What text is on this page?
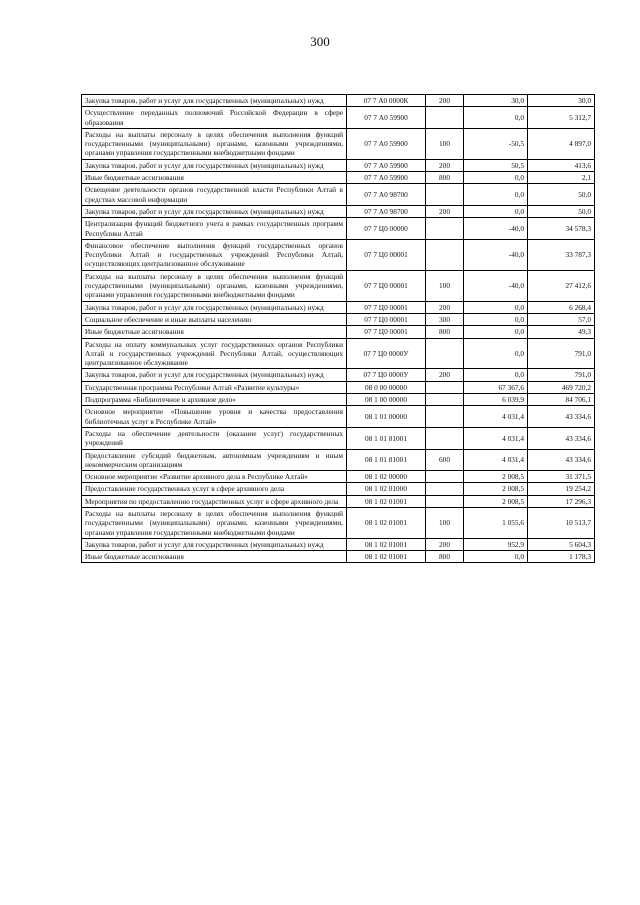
300
Закупка товаров, работ и услуг для государственных (муниципальных) нужд	07 7 А0 0000К	200	30,0	30,0
Осуществление переданных полномочий Российской Федерации в сфере образования	07 7 А0 59900		0,0	5 312,7
Расходы на выплаты персоналу в целях обеспечения выполнения функций государственными (муниципальными) органами, казенными учреждениями, органами управления государственными внебюджетными фондами	07 7 А0 59900	100	-50,5	4 897,0
Закупка товаров, работ и услуг для государственных (муниципальных) нужд	07 7 А0 59900	200	50,5	413,6
Иные бюджетные ассигнования	07 7 А0 59900	800	0,0	2,1
Освещение деятельности органов государственной власти Республики Алтай в средствах массовой информации	07 7 А0 98700		0,0	50,0
Закупка товаров, работ и услуг для государственных (муниципальных) нужд	07 7 А0 98700	200	0,0	50,0
Централизация функций бюджетного учета в рамках государственных программ Республики Алтай	07 7 Ц0 00000		-40,0	34 578,3
Финансовое обеспечение выполнения функций государственных органов Республики Алтай и государственных учреждений Республики Алтай, осуществляющих централизованное обслуживание	07 7 Ц0 00001		-40,0	33 787,3
Расходы на выплаты персоналу в целях обеспечения выполнения функций государственными (муниципальными) органами, казенными учреждениями, органами управления государственными внебюджетными фондами	07 7 Ц0 00001	100	-40,0	27 412,6
Закупка товаров, работ и услуг для государственных (муниципальных) нужд	07 7 Ц0 00001	200	0,0	6 268,4
Социальное обеспечение и иные выплаты населению	07 7 Ц0 00001	300	0,0	57,0
Иные бюджетные ассигнования	07 7 Ц0 00001	800	0,0	49,3
Расходы на оплату коммунальных услуг государственных органов Республики Алтай и государственных учреждений Республики Алтай, осуществляющих централизованное обслуживание	07 7 Ц0 0000У		0,0	791,0
Закупка товаров, работ и услуг для государственных (муниципальных) нужд	07 7 Ц0 0000У	200	0,0	791,0
Государственная программа Республики Алтай «Развитие культуры»	08 0 00 00000		67 367,6	469 720,2
Подпрограмма «Библиотечное и архивное дело»	08 1 00 00000		6 039,9	84 706,1
Основное мероприятие «Повышение уровня и качества предоставления библиотечных услуг в Республике Алтай»	08 1 01 00000		4 031,4	43 334,6
Расходы на обеспечение деятельности (оказание услуг) государственных учреждений	08 1 01 81001		4 031,4	43 334,6
Предоставление субсидий бюджетным, автономным учреждениям и иным некоммерческим организациям	08 1 01 81001	600	4 031,4	43 334,6
Основное мероприятие «Развитие архивного дела в Республике Алтай»	08 1 02 00000		2 008,5	31 371,5
Предоставление государственных услуг в сфере архивного дела	08 1 02 01000		2 008,5	19 254,2
Мероприятия по предоставлению государственных услуг в сфере архивного дела	08 1 02 01001		2 008,5	17 296,3
Расходы на выплаты персоналу в целях обеспечения выполнения функций государственными (муниципальными) органами, казенными учреждениями, органами управления государственными внебюджетными фондами	08 1 02 01001	100	1 055,6	10 513,7
Закупка товаров, работ и услуг для государственных (муниципальных) нужд	08 1 02 01001	200	952,9	5 604,3
Иные бюджетные ассигнования	08 1 02 01001	800	0,0	1 178,3
